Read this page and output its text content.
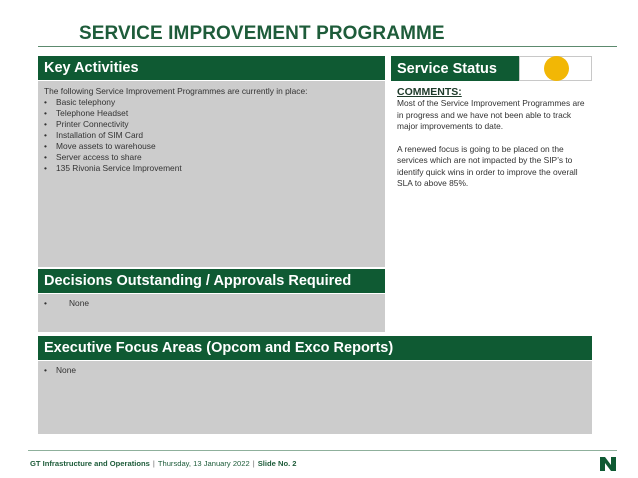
SERVICE IMPROVEMENT PROGRAMME
Key Activities
The following Service Improvement Programmes are currently in place:
• Basic telephony
• Telephone Headset
• Printer Connectivity
• Installation of SIM Card
• Move assets to warehouse
• Server access to share
• 135 Rivonia Service Improvement
Service Status
COMMENTS:

Most of the Service Improvement Programmes are in progress and we have not been able to track major improvements to date.

A renewed focus is going to be placed on the services which are not impacted by the SIP’s to identify quick wins in order to improve the overall SLA to above 85%.

Decisions Outstanding / Approvals Required
• None
Executive Focus Areas (Opcom and Exco Reports)
• None
GT Infrastructure and Operations | Thursday, 13 January 2022 | Slide No. 2
